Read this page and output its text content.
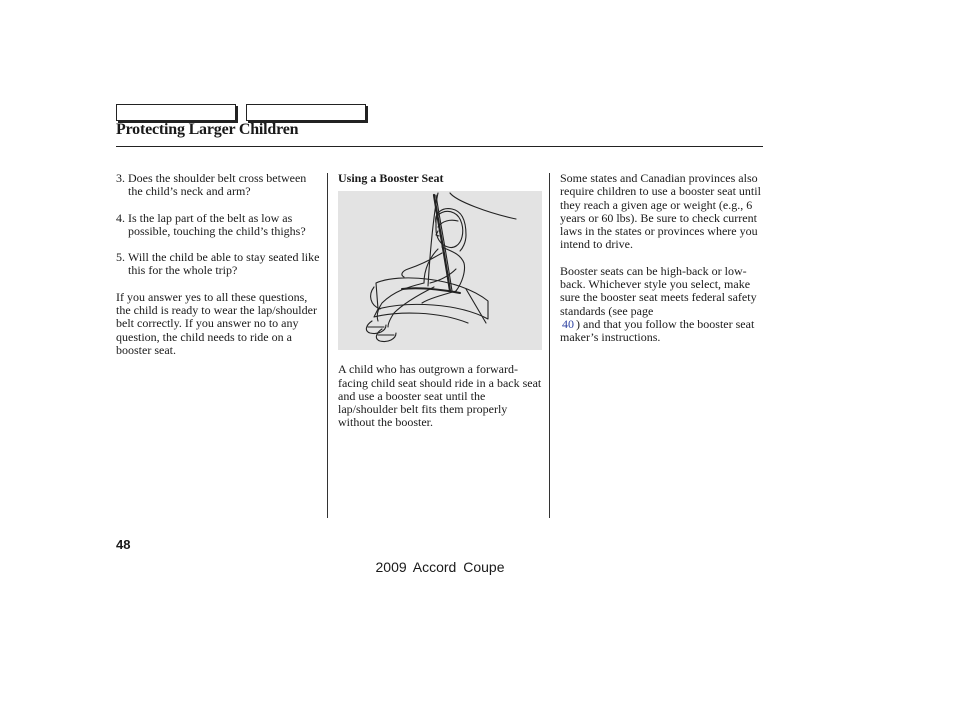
Protecting Larger Children
3. Does the shoulder belt cross between the child’s neck and arm?
4. Is the lap part of the belt as low as possible, touching the child’s thighs?
5. Will the child be able to stay seated like this for the whole trip?

If you answer yes to all these questions, the child is ready to wear the lap/shoulder belt correctly. If you answer no to any question, the child needs to ride on a booster seat.

Using a Booster Seat

A child who has outgrown a forward-facing child seat should ride in a back seat and use a booster seat until the lap/shoulder belt fits them properly without the booster.

Some states and Canadian provinces also require children to use a booster seat until they reach a given age or weight (e.g., 6 years or 60 lbs). Be sure to check current laws in the states or provinces where you intend to drive.

Booster seats can be high-back or low-back. Whichever style you select, make sure the booster seat meets federal safety standards (see page
40 ) and that you follow the booster seat maker’s instructions.

48
2009 Accord Coupe
